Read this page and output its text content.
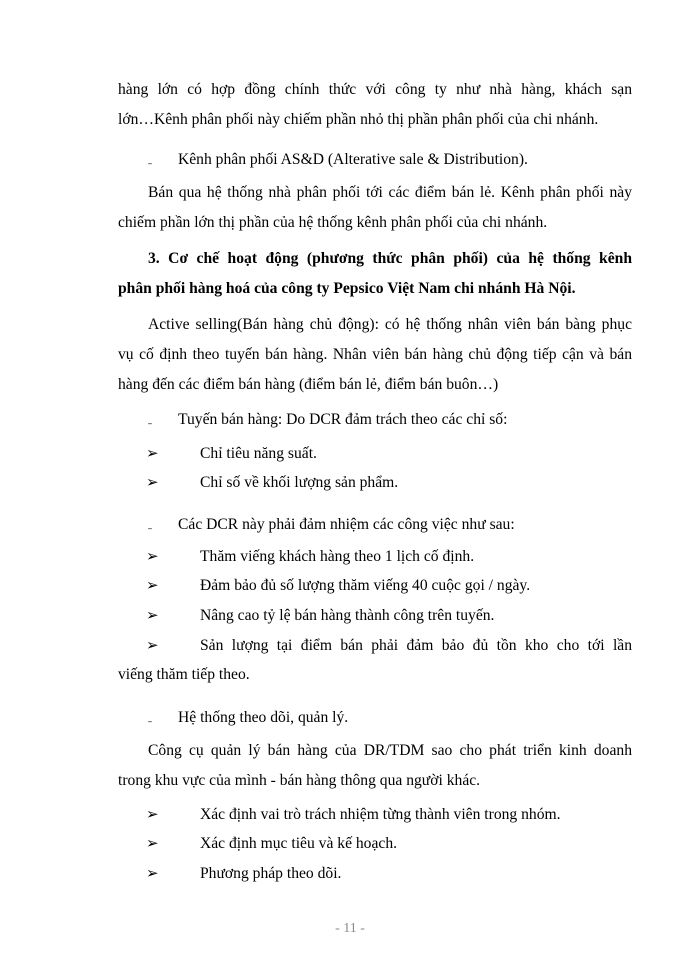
hàng lớn có hợp đồng chính thức với công ty như nhà hàng, khách sạn
lớn…Kênh phân phối này chiếm phần nhỏ thị phần phân phối của chi nhánh.
˗ Kênh phân phối AS&D (Alterative sale & Distribution).
Bán qua hệ thống nhà phân phối tới các điểm bán lẻ. Kênh phân phối này
chiếm phần lớn thị phần của hệ thống kênh phân phối của chi nhánh.
3. Cơ chế hoạt động (phương thức phân phối) của hệ thống kênh
phân phối hàng hoá của công ty Pepsico Việt Nam chi nhánh Hà Nội.
Active selling(Bán hàng chủ động): có hệ thống nhân viên bán bàng phục
vụ cố định theo tuyến bán hàng. Nhân viên bán hàng chủ động tiếp cận và bán
hàng đến các điểm bán hàng (điểm bán lẻ, điểm bán buôn…)
˗ Tuyến bán hàng: Do DCR đảm trách theo các chỉ số:
➢	Chỉ tiêu năng suất.
➢	Chỉ số về khối lượng sản phẩm.
˗ Các DCR này phải đảm nhiệm các công việc như sau:
➢	Thăm viếng khách hàng theo 1 lịch cố định.
➢	Đảm bảo đủ số lượng thăm viếng 40 cuộc gọi / ngày.
➢	Nâng cao tỷ lệ bán hàng thành công trên tuyến.
➢	Sản lượng tại điểm bán phải đảm bảo đủ tồn kho cho tới lần
viếng thăm tiếp theo.
˗ Hệ thống theo dõi, quản lý.
Công cụ quản lý bán hàng của DR/TDM sao cho phát triển kinh doanh
trong khu vực của mình - bán hàng thông qua người khác.
➢	Xác định vai trò trách nhiệm từng thành viên trong nhóm.
➢	Xác định mục tiêu và kế hoạch.
➢	Phương pháp theo dõi.
- 11 -
